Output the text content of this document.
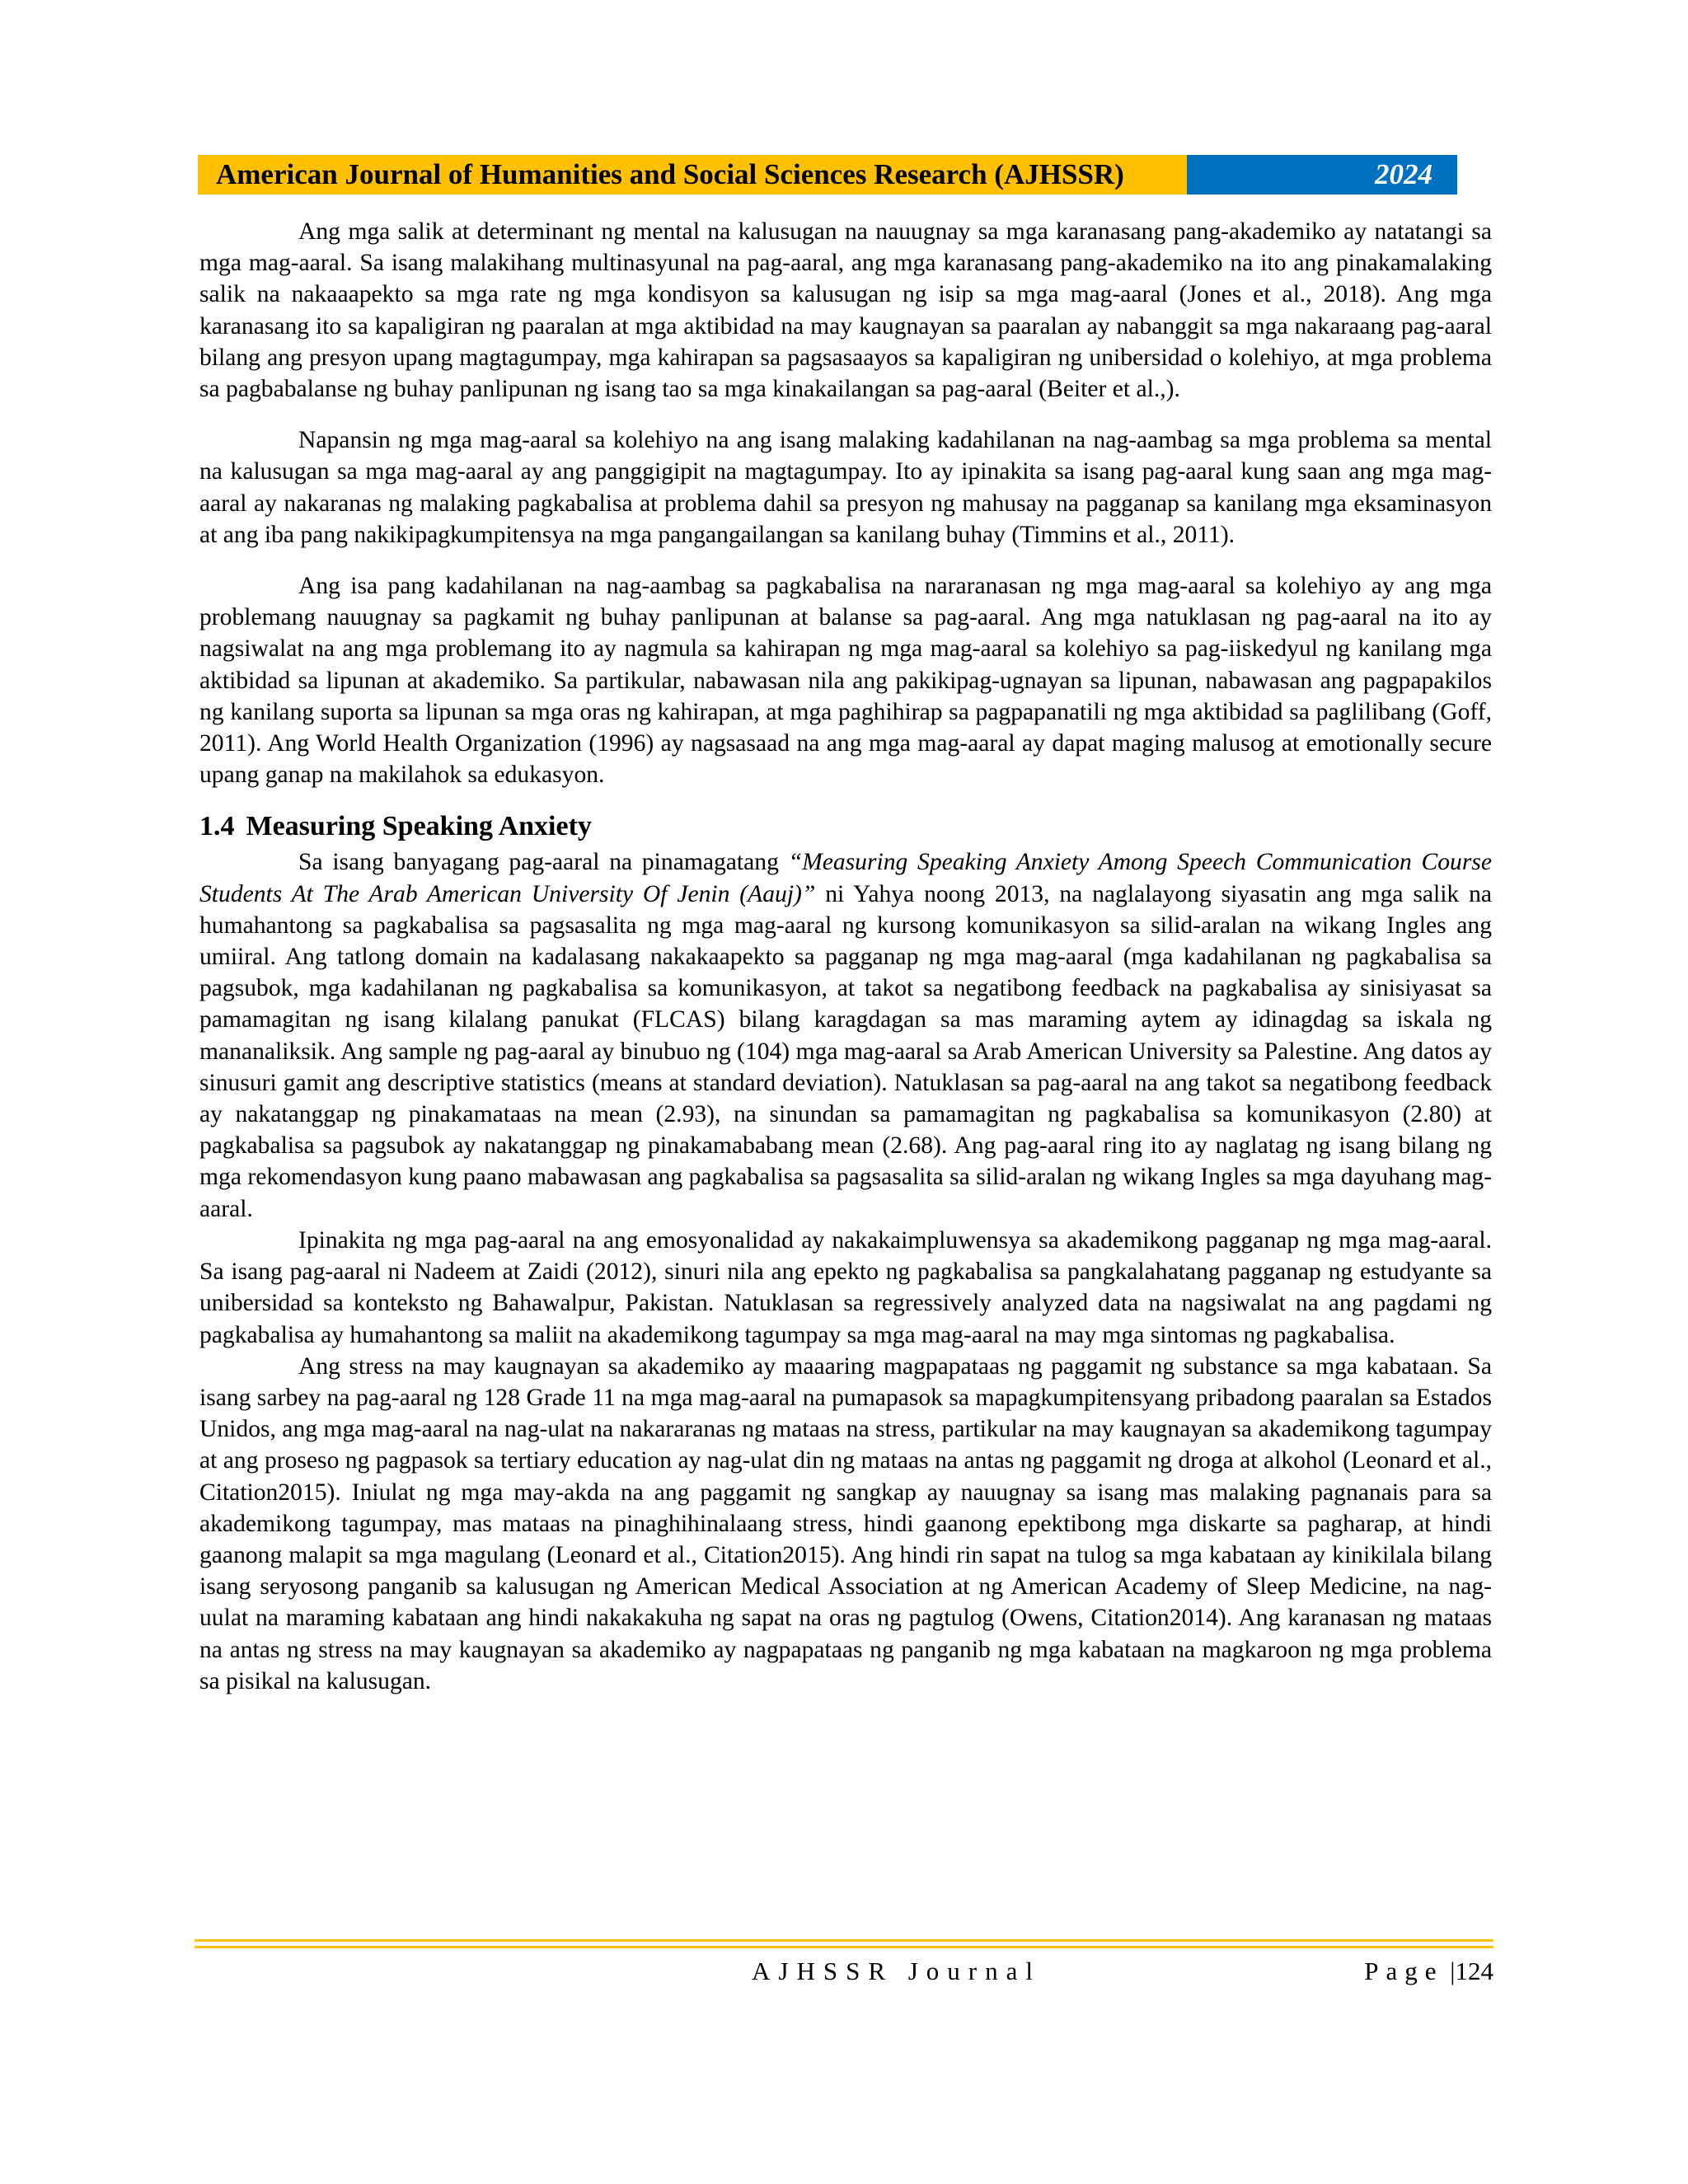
American Journal of Humanities and Social Sciences Research (AJHSSR)	2024

Ang mga salik at determinant ng mental na kalusugan na nauugnay sa mga karanasang pang-akademiko ay natatangi sa mga mag-aaral. Sa isang malakihang multinasyunal na pag-aaral, ang mga karanasang pang-akademiko na ito ang pinakamalaking salik na nakaaapekto sa mga rate ng mga kondisyon sa kalusugan ng isip sa mga mag-aaral (Jones et al., 2018). Ang mga karanasang ito sa kapaligiran ng paaralan at mga aktibidad na may kaugnayan sa paaralan ay nabanggit sa mga nakaraang pag-aaral bilang ang presyon upang magtagumpay, mga kahirapan sa pagsasaayos sa kapaligiran ng unibersidad o kolehiyo, at mga problema sa pagbabalanse ng buhay panlipunan ng isang tao sa mga kinakailangan sa pag-aaral (Beiter et al.,).

Napansin ng mga mag-aaral sa kolehiyo na ang isang malaking kadahilanan na nag-aambag sa mga problema sa mental na kalusugan sa mga mag-aaral ay ang panggigipit na magtagumpay. Ito ay ipinakita sa isang pag-aaral kung saan ang mga mag-aaral ay nakaranas ng malaking pagkabalisa at problema dahil sa presyon ng mahusay na pagganap sa kanilang mga eksaminasyon at ang iba pang nakikipagkumpitensya na mga pangangailangan sa kanilang buhay (Timmins et al., 2011).

Ang isa pang kadahilanan na nag-aambag sa pagkabalisa na nararanasan ng mga mag-aaral sa kolehiyo ay ang mga problemang nauugnay sa pagkamit ng buhay panlipunan at balanse sa pag-aaral. Ang mga natuklasan ng pag-aaral na ito ay nagsiwalat na ang mga problemang ito ay nagmula sa kahirapan ng mga mag-aaral sa kolehiyo sa pag-iiskedyul ng kanilang mga aktibidad sa lipunan at akademiko. Sa partikular, nabawasan nila ang pakikipag-ugnayan sa lipunan, nabawasan ang pagpapakilos ng kanilang suporta sa lipunan sa mga oras ng kahirapan, at mga paghihirap sa pagpapanatili ng mga aktibidad sa paglilibang (Goff, 2011). Ang World Health Organization (1996) ay nagsasaad na ang mga mag-aaral ay dapat maging malusog at emotionally secure upang ganap na makilahok sa edukasyon.

1.4 Measuring Speaking Anxiety

Sa isang banyagang pag-aaral na pinamagatang “Measuring Speaking Anxiety Among Speech Communication Course Students At The Arab American University Of Jenin (Aauj)” ni Yahya noong 2013, na naglalayong siyasatin ang mga salik na humahantong sa pagkabalisa sa pagsasalita ng mga mag-aaral ng kursong komunikasyon sa silid-aralan na wikang Ingles ang umiiral. Ang tatlong domain na kadalasang nakakaapekto sa pagganap ng mga mag-aaral (mga kadahilanan ng pagkabalisa sa pagsubok, mga kadahilanan ng pagkabalisa sa komunikasyon, at takot sa negatibong feedback na pagkabalisa ay sinisiyasat sa pamamagitan ng isang kilalang panukat (FLCAS) bilang karagdagan sa mas maraming aytem ay idinagdag sa iskala ng mananaliksik. Ang sample ng pag-aaral ay binubuo ng (104) mga mag-aaral sa Arab American University sa Palestine. Ang datos ay sinusuri gamit ang descriptive statistics (means at standard deviation). Natuklasan sa pag-aaral na ang takot sa negatibong feedback ay nakatanggap ng pinakamataas na mean (2.93), na sinundan sa pamamagitan ng pagkabalisa sa komunikasyon (2.80) at pagkabalisa sa pagsubok ay nakatanggap ng pinakamababang mean (2.68). Ang pag-aaral ring ito ay naglatag ng isang bilang ng mga rekomendasyon kung paano mabawasan ang pagkabalisa sa pagsasalita sa silid-aralan ng wikang Ingles sa mga dayuhang mag-aaral.

Ipinakita ng mga pag-aaral na ang emosyonalidad ay nakakaimpluwensya sa akademikong pagganap ng mga mag-aaral. Sa isang pag-aaral ni Nadeem at Zaidi (2012), sinuri nila ang epekto ng pagkabalisa sa pangkalahatang pagganap ng estudyante sa unibersidad sa konteksto ng Bahawalpur, Pakistan. Natuklasan sa regressively analyzed data na nagsiwalat na ang pagdami ng pagkabalisa ay humahantong sa maliit na akademikong tagumpay sa mga mag-aaral na may mga sintomas ng pagkabalisa.

Ang stress na may kaugnayan sa akademiko ay maaaring magpapataas ng paggamit ng substance sa mga kabataan. Sa isang sarbey na pag-aaral ng 128 Grade 11 na mga mag-aaral na pumapasok sa mapagkumpitensyang pribadong paaralan sa Estados Unidos, ang mga mag-aaral na nag-ulat na nakararanas ng mataas na stress, partikular na may kaugnayan sa akademikong tagumpay at ang proseso ng pagpasok sa tertiary education ay nag-ulat din ng mataas na antas ng paggamit ng droga at alkohol (Leonard et al., Citation2015). Iniulat ng mga may-akda na ang paggamit ng sangkap ay nauugnay sa isang mas malaking pagnanais para sa akademikong tagumpay, mas mataas na pinaghihinalaang stress, hindi gaanong epektibong mga diskarte sa pagharap, at hindi gaanong malapit sa mga magulang (Leonard et al., Citation2015). Ang hindi rin sapat na tulog sa mga kabataan ay kinikilala bilang isang seryosong panganib sa kalusugan ng American Medical Association at ng American Academy of Sleep Medicine, na nag-uulat na maraming kabataan ang hindi nakakakuha ng sapat na oras ng pagtulog (Owens, Citation2014). Ang karanasan ng mataas na antas ng stress na may kaugnayan sa akademiko ay nagpapataas ng panganib ng mga kabataan na magkaroon ng mga problema sa pisikal na kalusugan.

AJHSSR Journal	Page |124
